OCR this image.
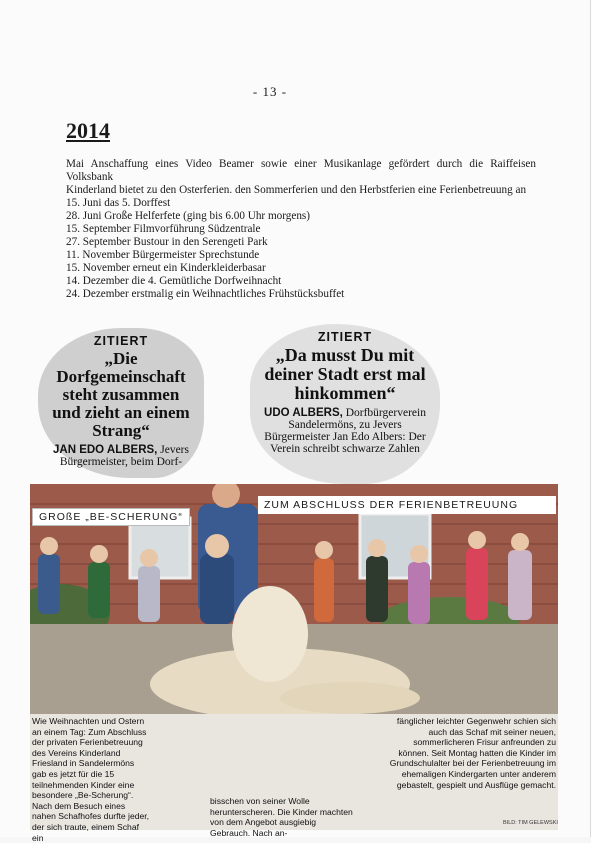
- 13 -
2014

Mai Anschaffung eines Video Beamer sowie einer Musikanlage gefördert durch die Raiffeisen Volksbank

Kinderland bietet zu den Osterferien. den Sommerferien und den Herbstferien eine Ferienbetreuung an

15. Juni das 5. Dorffest

28. Juni Große Helferfete (ging bis 6.00 Uhr morgens)

15. September Filmvorführung Südzentrale

27. September Bustour in den Serengeti Park

11. November Bürgermeister Sprechstunde

15. November erneut ein Kinderkleiderbasar

14. Dezember die 4. Gemütliche Dorfweihnacht

24. Dezember erstmalig ein Weihnachtliches Frühstücksbuffet

ZITIERT
„Die Dorfgemeinschaft steht zusammen und zieht an einem Strang“
JAN EDO ALBERS, Jevers Bürgermeister, beim Dorf-
ZITIERT
„Da musst Du mit deiner Stadt erst mal hinkommen“
UDO ALBERS, Dorfbürgerverein Sandelermöns, zu Jevers Bürgermeister Jan Edo Albers: Der Verein schreibt schwarze Zahlen
GROßE „BE-SCHERUNG“
ZUM ABSCHLUSS DER FERIENBETREUUNG
Wie Weihnachten und Ostern an einem Tag: Zum Abschluss der privaten Ferienbetreuung des Vereins Kinderland Friesland in Sandelermöns gab es jetzt für die 15 teilnehmenden Kinder eine besondere „Be-Scherung“. Nach dem Besuch eines nahen Schafhofes durfte jeder, der sich traute, einem Schaf ein
bisschen von seiner Wolle herunterscheren. Die Kinder machten von dem Angebot ausgiebig Gebrauch. Nach an-
fänglicher leichter Gegenwehr schien sich auch das Schaf mit seiner neuen, sommerlicheren Frisur anfreunden zu können. Seit Montag hatten die Kinder im Grundschulalter bei der Ferienbetreuung im ehemaligen Kindergarten unter anderem gebastelt, gespielt und Ausflüge gemacht.
BILD: TIM GELEWSKI
